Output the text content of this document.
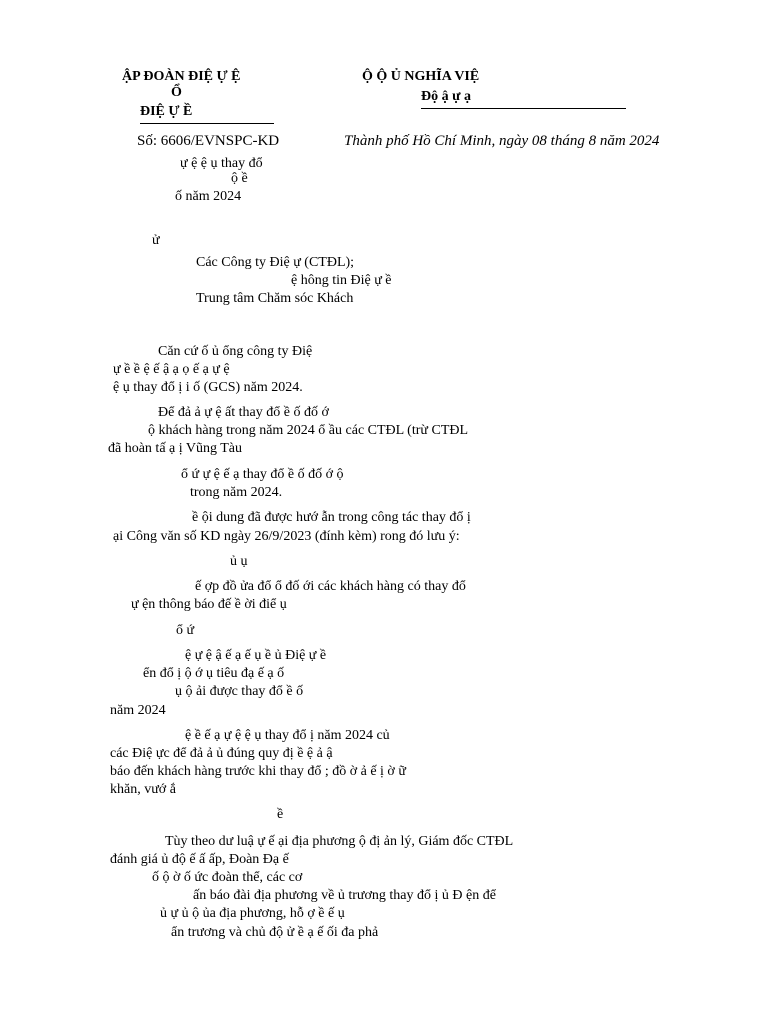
ẬP ĐOÀN ĐIỆ Ự Ệ
Ổ
ĐIỆ Ự Ề
Ộ Ộ Ủ NGHĨA VIỆ
Độ ậ ự ạ
Số: 6606/EVNSPC-KD	Thành phố Hồ Chí Minh, ngày 08 tháng 8 năm 2024
ự ệ ệ ụ thay đổ
ộ ề
ố năm 2024
ử
Các Công ty Điệ ự (CTĐL);
ệ hông tin Điệ ự ề
Trung tâm Chăm sóc Khách
Căn cứ ố ủ ổng công ty Điệ
ự ề ề ệ ế ậ ạ ọ ế ạ ự ệ
ệ ụ thay đổ ị i ố (GCS) năm 2024.
Để đả ả ự ệ ất thay đổ ề ố đố ớ
ộ khách hàng trong năm 2024 ổ ầu các CTĐL (trừ CTĐL
đã hoàn tấ ạ ị Vũng Tàu
ổ ứ ự ệ ế ạ thay đổ ề ố đố ớ ộ
trong năm 2024.
ề ội dung đã được hướ ẫn trong công tác thay đổ ị
ại Công văn số KD ngày 26/9/2023 (đính kèm) rong đó lưu ý:
ủ ụ
ế ợp đồ ửa đổ ổ đố ới các khách hàng có thay đổ
ự ện thông báo đế ề ời điể ụ
ổ ứ
ệ ự ệ ậ ế ạ ế ụ ề ủ Điệ ự ề
ển đổ ị ộ ớ ụ tiêu đạ ế ạ ố
ụ ộ ải được thay đổ ề ố
năm 2024
ệ ề ế ạ ự ệ ệ ụ thay đổ ị năm 2024 củ
các Điệ ực để đả ả ủ đúng quy đị ề ệ ả ậ
báo đến khách hàng trước khi thay đổ ; đồ ờ ả ế ị ờ ữ
khăn, vướ ắ
ề
Tùy theo dư luậ ự ế ại địa phương ộ đị ản lý, Giám đốc CTĐL
đánh giá ủ độ ế ấ ấp, Đoàn Đạ ế
ố ộ ờ ố ức đoàn thể, các cơ
ấn báo đài địa phương về ủ trương thay đổ ị ủ Đ ện để
ủ ự ủ ộ ủa địa phương, hỗ ợ ề ế ụ
ẩn trương và chủ độ ử ề ạ ế ối đa phả
